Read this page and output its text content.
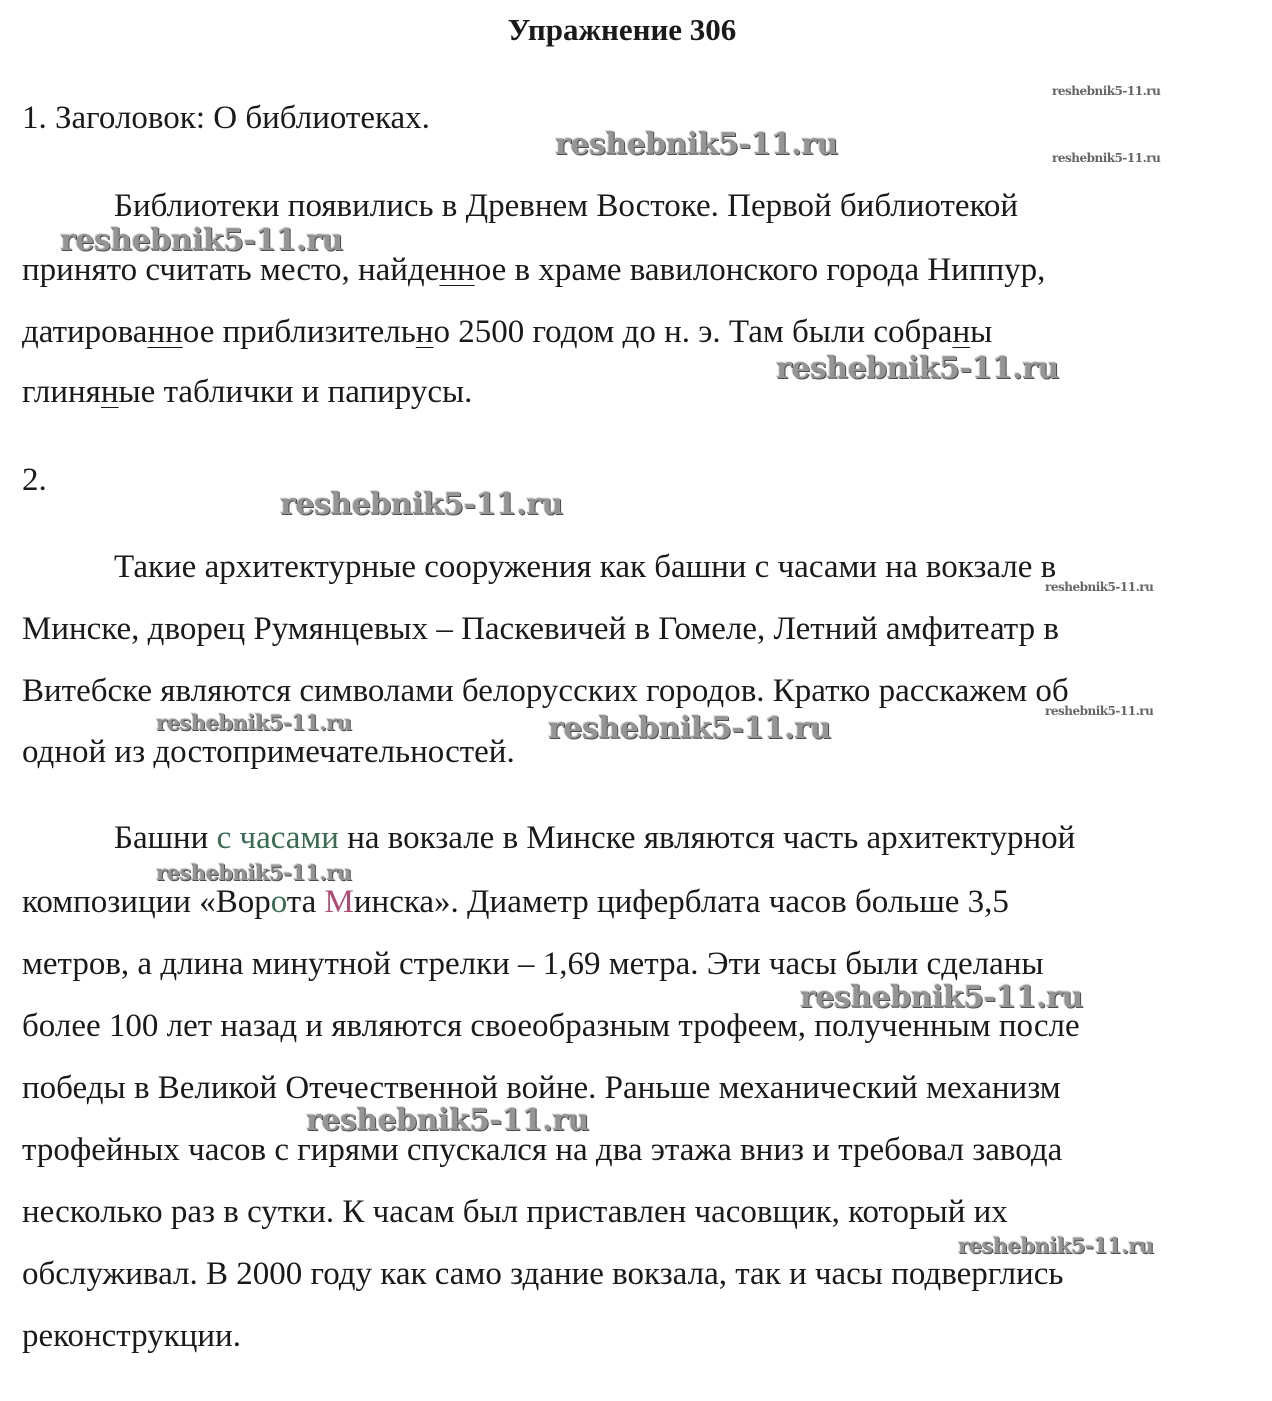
Упражнение 306
1. Заголовок: О библиотеках.
Библиотеки появились в Древнем Востоке. Первой библиотекой
принято считать место, найденное в храме вавилонского города Ниппур,
датированное приблизительно 2500 годом до н. э. Там были собраны
глиняные таблички и папирусы.
2.
Такие архитектурные сооружения как башни с часами на вокзале в
Минске, дворец Румянцевых – Паскевичей в Гомеле, Летний амфитеатр в
Витебске являются символами белорусских городов. Кратко расскажем об
одной из достопримечательностей.
Башни с часами на вокзале в Минске являются часть архитектурной
композиции «Ворота Минска». Диаметр циферблата часов больше 3,5
метров, а длина минутной стрелки – 1,69 метра. Эти часы были сделаны
более 100 лет назад и являются своеобразным трофеем, полученным после
победы в Великой Отечественной войне. Раньше механический механизм
трофейных часов с гирями спускался на два этажа вниз и требовал завода
несколько раз в сутки. К часам был приставлен часовщик, который их
обслуживал. В 2000 году как само здание вокзала, так и часы подверглись
реконструкции.
reshebnik5-11.ru
reshebnik5-11.ru
reshebnik5-11.ru
reshebnik5-11.ru
reshebnik5-11.ru
reshebnik5-11.ru
reshebnik5-11.ru
reshebnik5-11.ru
reshebnik5-11.ru	reshebnik5-11.ru
reshebnik5-11.ru
reshebnik5-11.ru
reshebnik5-11.ru
reshebnik5-11.ru
